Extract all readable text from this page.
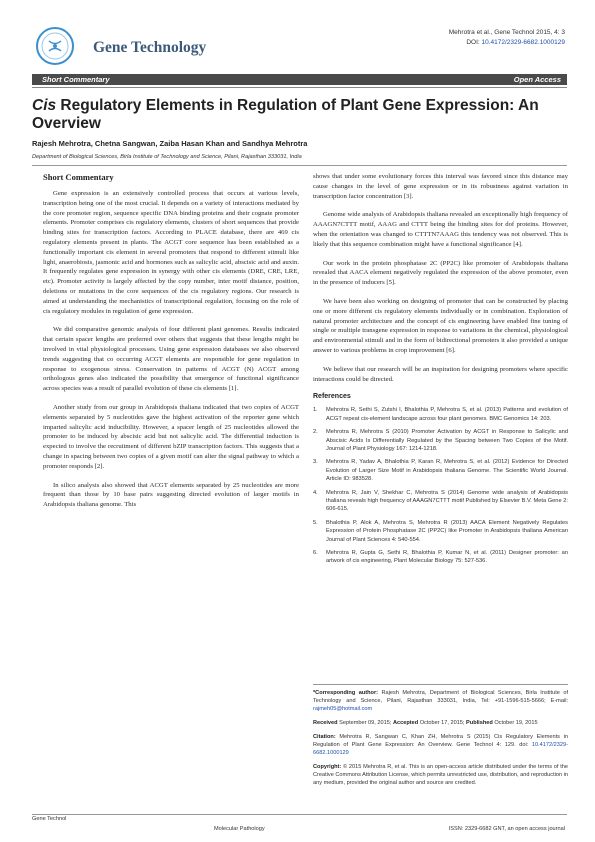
Gene Technology
Mehrotra et al., Gene Technol 2015, 4: 3
DOI: 10.4172/2329-6682.1000129
Short Commentary	Open Access
Cis Regulatory Elements in Regulation of Plant Gene Expression: An Overview
Rajesh Mehrotra, Chetna Sangwan, Zaiba Hasan Khan and Sandhya Mehrotra
Department of Biological Sciences, Birla Institute of Technology and Science, Pilani, Rajasthan 333031, India
Short Commentary

Gene expression is an extensively controlled process that occurs at various levels, transcription being one of the most crucial. It depends on a variety of interactions mediated by the core promoter region, sequence specific DNA binding proteins and their cognate promoter elements. Promoter comprises cis regulatory elements, clusters of short sequences that provide binding sites for transcription factors. According to PLACE database, there are 469 cis regulatory elements present in plants. The ACGT core sequence has been established as a functionally important cis element in several promoters that respond to different stimuli like light, anaerobiosis, jasmonic acid and hormones such as salicylic acid, abscisic acid and auxin. It frequently regulates gene expression in synergy with other cis elements (DRE, CRE, LRE, etc). Promoter activity is largely affected by the copy number, inter motif distance, position, deletions or mutations in the core sequences of the cis regulatory regions. Our research is aimed at understanding the mechanistics of transcriptional regulation, focusing on the role of cis regulatory modules in regulation of gene expression.

We did comparative genomic analysis of four different plant genomes. Results indicated that certain spacer lengths are preferred over others that suggests that these lengths might be involved in vital physiological processes. Using gene expression databases we also observed trends suggesting that co occurring ACGT elements are responsible for gene regulation in response to exogenous stress. Conservation in patterns of ACGT (N) ACGT among orthologous genes also indicated the possibility that emergence of functional significance across species was a result of parallel evolution of these cis elements [1].

Another study from our group in Arabidopsis thaliana indicated that two copies of ACGT elements separated by 5 nucleotides gave the highest activation of the reporter gene which imparted salicylic acid inducibility. However, a spacer length of 25 nucleotides allowed the promoter to be induced by abscisic acid but not salicylic acid. The differential induction is expected to involve the recruitment of different bZIP transcription factors. This suggests that a change in spacing between two copies of a given motif can alter the signal pathway to which a promoter responds [2].

In silico analysis also showed that ACGT elements separated by 25 nucleotides are more frequent than those by 10 base pairs suggesting directed evolution of larger motifs in Arabidopsis thaliana genome. This

shows that under some evolutionary forces this interval was favored since this distance may cause changes in the level of gene expression or in its robustness against variation in transcription factor concentration [3].

Genome wide analysis of Arabidopsis thaliana revealed an exceptionally high frequency of AAAGN7CTTT motif, AAAG and CTTT being the binding sites for dof proteins. However, when the orientation was changed to CTTTN7AAAG this tendency was not observed. This is likely that this sequence combination might have a functional significance [4].

Our work in the protein phosphatase 2C (PP2C) like promoter of Arabidopsis thaliana revealed that AACA element negatively regulated the expression of the above promoter, even in the presence of inducers [5].

We have been also working on designing of promoter that can be constructed by placing one or more different cis regulatory elements individually or in combination. Exploration of natural promoter architecture and the concept of cis engineering have enabled fine tuning of single or multiple transgene expression in response to variations in the chemical, physiological and environmental stimuli and in the form of bidirectional promoters it also provided a unique answer to various problems in crop improvement [6].

We believe that our research will be an inspiration for designing promoters where specific interactions could be directed.

References
1. Mehrotra R, Sethi S, Zutshi I, Bhalothia P, Mehrotra S, et al. (2013) Patterns and evolution of ACGT repeat cis-element landscape across four plant genomes. BMC Genomics 14: 203.
2. Mehrotra R, Mehrotra S (2010) Promoter Activation by ACGT in Response to Salicylic and Abscisic Acids Is Differentially Regulated by the Spacing between Two Copies of the Motif. Journal of Plant Physiology 167: 1214-1218.
3. Mehrotra R, Yadav A, Bhalothia P, Karan R, Mehrotra S, et al. (2012) Evidence for Directed Evolution of Larger Size Motif in Arabidopsis thaliana Genome. The Scientific World Journal. Article ID: 983528.
4. Mehrotra R, Jain V, Shekhar C, Mehrotra S (2014) Genome wide analysis of Arabidopsis thaliana reveals high frequency of AAAGN7CTTT motif Published by Elsevier B.V. Meta Gene 2: 606-615.
5. Bhalothia P, Alok A, Mehrotra S, Mehrotra R (2013) AACA Element Negatively Regulates Expression of Protein Phosphatase 2C (PP2C) like Promoter in Arabidopsis thaliana American Journal of Plant Sciences 4: 540-554.
6. Mehrotra R, Gupta G, Sethi R, Bhalothia P, Kumar N, et al. (2011) Designer promoter: an artwork of cis engineering, Plant Molecular Biology 75: 527-536.

*Corresponding author: Rajesh Mehrotra, Department of Biological Sciences, Birla Institute of Technology and Science, Pilani, Rajasthan 333031, India, Tel: +91-1596-515-5666; E-mail: rajmeh05@hotmail.com

Received September 09, 2015; Accepted October 17, 2015; Published October 19, 2015

Citation: Mehrotra R, Sangwan C, Khan ZH, Mehrotra S (2015) Cis Regulatory Elements in Regulation of Plant Gene Expression: An Overview. Gene Technol 4: 129. doi: 10.4172/2329-6682.1000129

Copyright: © 2015 Mehrotra R, et al. This is an open-access article distributed under the terms of the Creative Commons Attribution License, which permits unrestricted use, distribution, and reproduction in any medium, provided the original author and source are credited.

Gene Technol
Molecular Pathology	ISSN: 2329-6682 GNT, an open access journal
